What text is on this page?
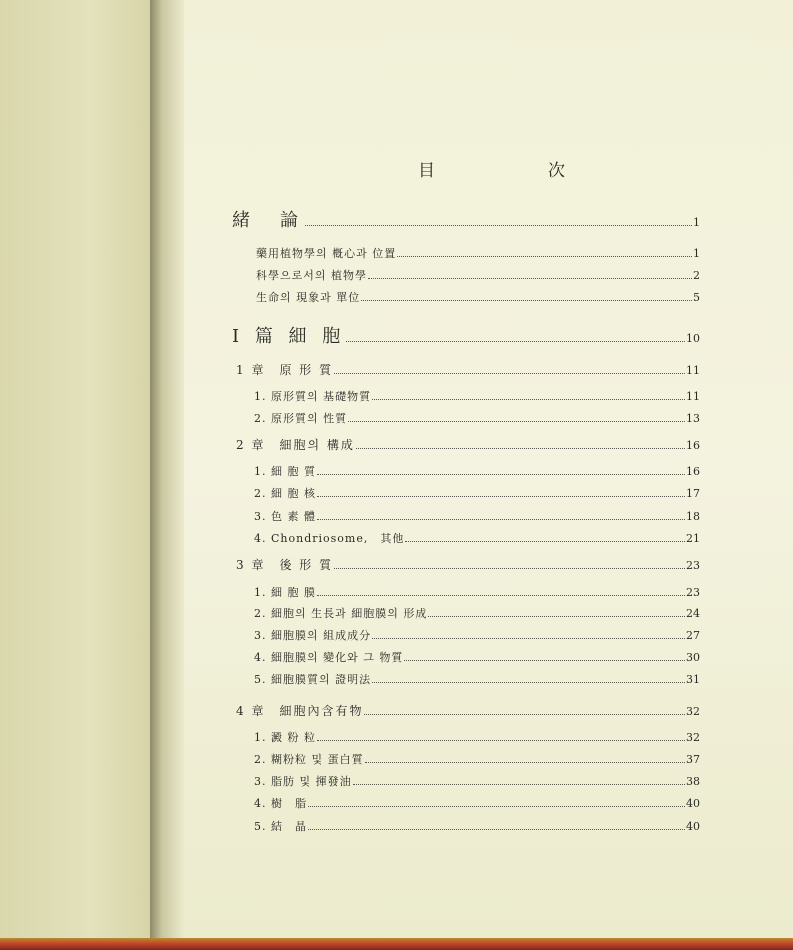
目　次
緒　論	1
藥用植物學의 槪心과 位置	1
科學으로서의 植物學	2
生命의 現象과 單位	5
I 篇 細 胞	10
1 章　原 形 質	11
1. 原形質의 基礎物質	11
2. 原形質의 性質	13
2 章　細胞의 構成	16
1. 細 胞 質	16
2. 細 胞 核	17
3. 色 素 體	18
4. Chondriosome,　其他	21
3 章　後 形 質	23
1. 細 胞 膜	23
2. 細胞의 生長과 細胞膜의 形成	24
3. 細胞膜의 組成成分	27
4. 細胞膜의 變化와 그 物質	30
5. 細胞膜質의 證明法	31
4 章　細胞內含有物	32
1. 澱 粉 粒	32
2. 糊粉粒 및 蛋白質	37
3. 脂肪 및 揮發油	38
4. 樹　脂	40
5. 結　晶	40
